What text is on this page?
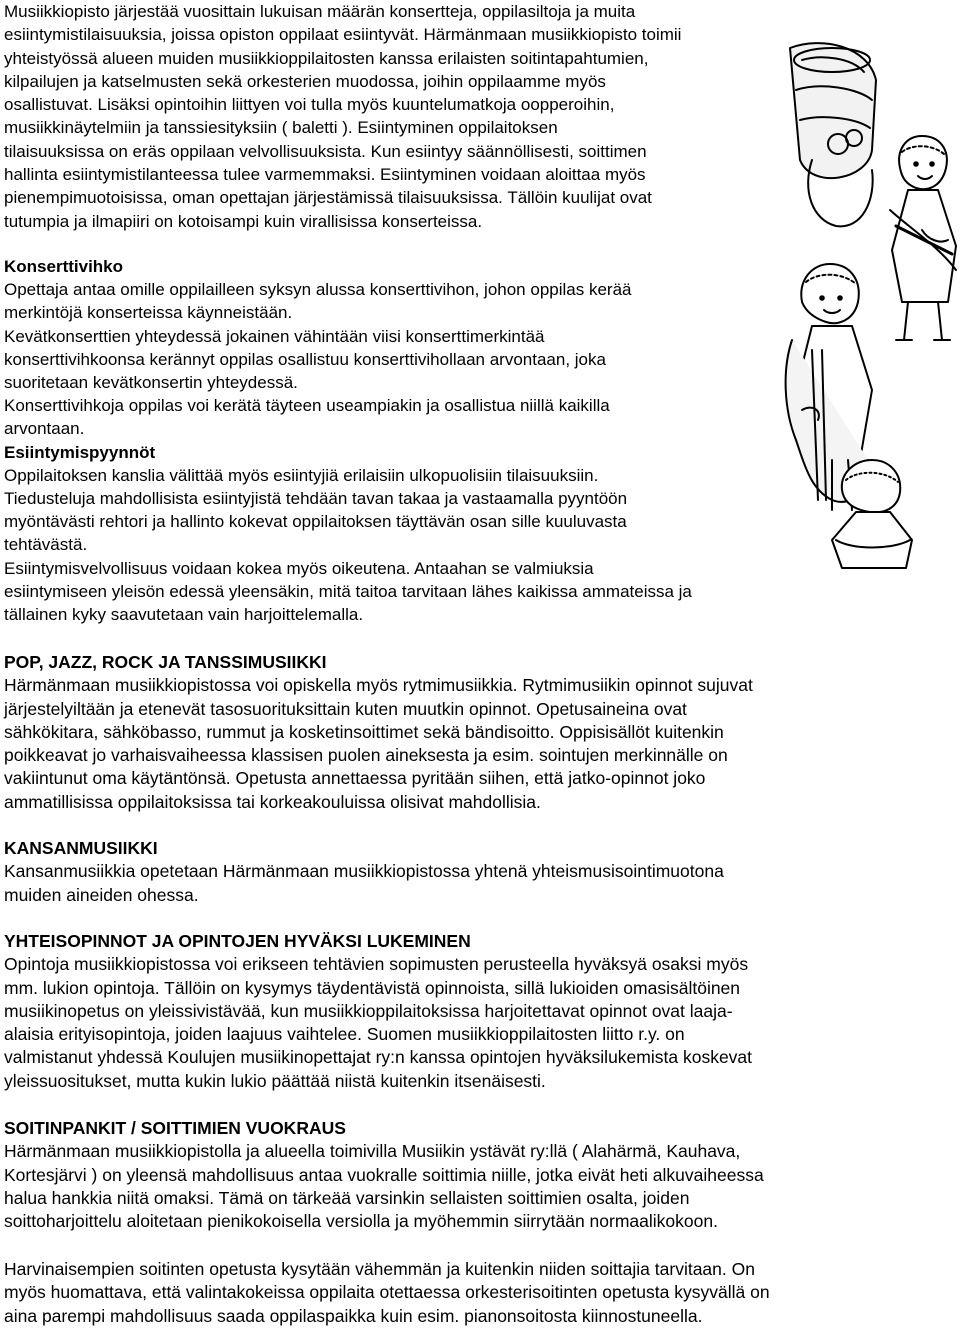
Musiikkiopisto järjestää vuosittain lukuisan määrän konsertteja, oppilasiltoja ja muita
esiintymistilaisuuksia, joissa opiston oppilaat esiintyvät. Härmänmaan musiikkiopisto toimii
yhteistyössä alueen muiden musiikkioppilaitosten kanssa erilaisten soitintapahtumien,
kilpailujen ja katselmusten sekä orkesterien muodossa, joihin oppilaamme myös
osallistuvat. Lisäksi opintoihin liittyen voi tulla myös kuuntelumatkoja oopperoihin,
musiikkinäytelmiin ja tanssiesityksiin ( baletti ). Esiintyminen oppilaitoksen
tilaisuuksissa on eräs oppilaan velvollisuuksista. Kun esiintyy säännöllisesti, soittimen
hallinta esiintymistilanteessa tulee varmemmaksi. Esiintyminen voidaan aloittaa myös
pienempimuotoisissa, oman opettajan järjestämissä tilaisuuksissa. Tällöin kuulijat ovat
tutumpia ja ilmapiiri on kotoisampi kuin virallisissa konserteissa.
Konserttivihko
Opettaja antaa omille oppilailleen syksyn alussa konserttivihon, johon oppilas kerää
merkintöjä konserteissa käynneistään.
Kevätkonserttien yhteydessä jokainen vähintään viisi konserttimerkintää
konserttivihkoonsa kerännyt oppilas osallistuu konserttivihollaan arvontaan, joka
suoritetaan kevätkonsertin yhteydessä.
Konserttivihkoja oppilas voi kerätä täyteen useampiakin ja osallistua niillä kaikilla
arvontaan.
Esiintymispyynnöt
Oppilaitoksen kanslia välittää myös esiintyjiä erilaisiin ulkopuolisiin tilaisuuksiin.
Tiedusteluja mahdollisista esiintyjistä tehdään tavan takaa ja vastaamalla pyyntöön
myöntävästi rehtori ja hallinto kokevat oppilaitoksen täyttävän osan sille kuuluvasta
tehtävästä.
Esiintymisvelvollisuus voidaan kokea myös oikeutena. Antaahan se valmiuksia
esiintymiseen yleisön edessä yleensäkin, mitä taitoa tarvitaan lähes kaikissa ammateissa ja
tällainen kyky saavutetaan vain harjoittelemalla.
POP, JAZZ, ROCK JA TANSSIMUSIIKKI
Härmänmaan musiikkiopistossa voi opiskella myös rytmimusiikkia. Rytmimusiikin opinnot sujuvat
järjestelyiltään ja etenevät tasosuorituksittain kuten muutkin opinnot. Opetusaineina ovat
sähkökitara, sähköbasso, rummut ja kosketinsoittimet sekä bändisoitto. Oppisisällöt kuitenkin
poikkeavat jo varhaisvaiheessa klassisen puolen aineksesta ja esim. sointujen merkinnälle on
vakiintunut oma käytäntönsä. Opetusta annettaessa pyritään siihen, että jatko-opinnot joko
ammatillisissa oppilaitoksissa tai korkeakouluissa olisivat mahdollisia.
KANSANMUSIIKKI
Kansanmusiikkia opetetaan Härmänmaan musiikkiopistossa yhtenä yhteismusisointimuotona
muiden aineiden ohessa.
YHTEISOPINNOT JA OPINTOJEN HYVÄKSI LUKEMINEN
Opintoja musiikkiopistossa voi erikseen tehtävien sopimusten perusteella hyväksyä osaksi myös
mm. lukion opintoja. Tällöin on kysymys täydentävistä opinnoista, sillä lukioiden omasisältöinen
musiikinopetus on yleissivistävää, kun musiikkioppilaitoksissa harjoitettavat opinnot ovat laaja-
alaisia erityisopintoja, joiden laajuus vaihtelee. Suomen musiikkioppilaitosten liitto r.y. on
valmistanut yhdessä Koulujen musiikinopettajat ry:n kanssa opintojen hyväksilukemista koskevat
yleissuositukset, mutta kukin lukio päättää niistä kuitenkin itsenäisesti.
SOITINPANKIT / SOITTIMIEN VUOKRAUS
Härmänmaan musiikkiopistolla ja alueella toimivilla Musiikin ystävät ry:llä ( Alahärmä, Kauhava,
Kortesjärvi ) on yleensä mahdollisuus antaa vuokralle soittimia niille, jotka eivät heti alkuvaiheessa
halua hankkia niitä omaksi. Tämä on tärkeää varsinkin sellaisten soittimien osalta, joiden
soittoharjoittelu aloitetaan pienikokoisella versiolla ja myöhemmin siirrytään normaalikokoon.
Harvinaisempien soitinten opetusta kysytään vähemmän ja kuitenkin niiden soittajia tarvitaan. On
myös huomattava, että valintakokeissa oppilaita otettaessa orkesterisoitinten opetusta kysyvällä on
aina parempi mahdollisuus saada oppilaspaikka kuin esim. pianonsoitosta kiinnostuneella.
